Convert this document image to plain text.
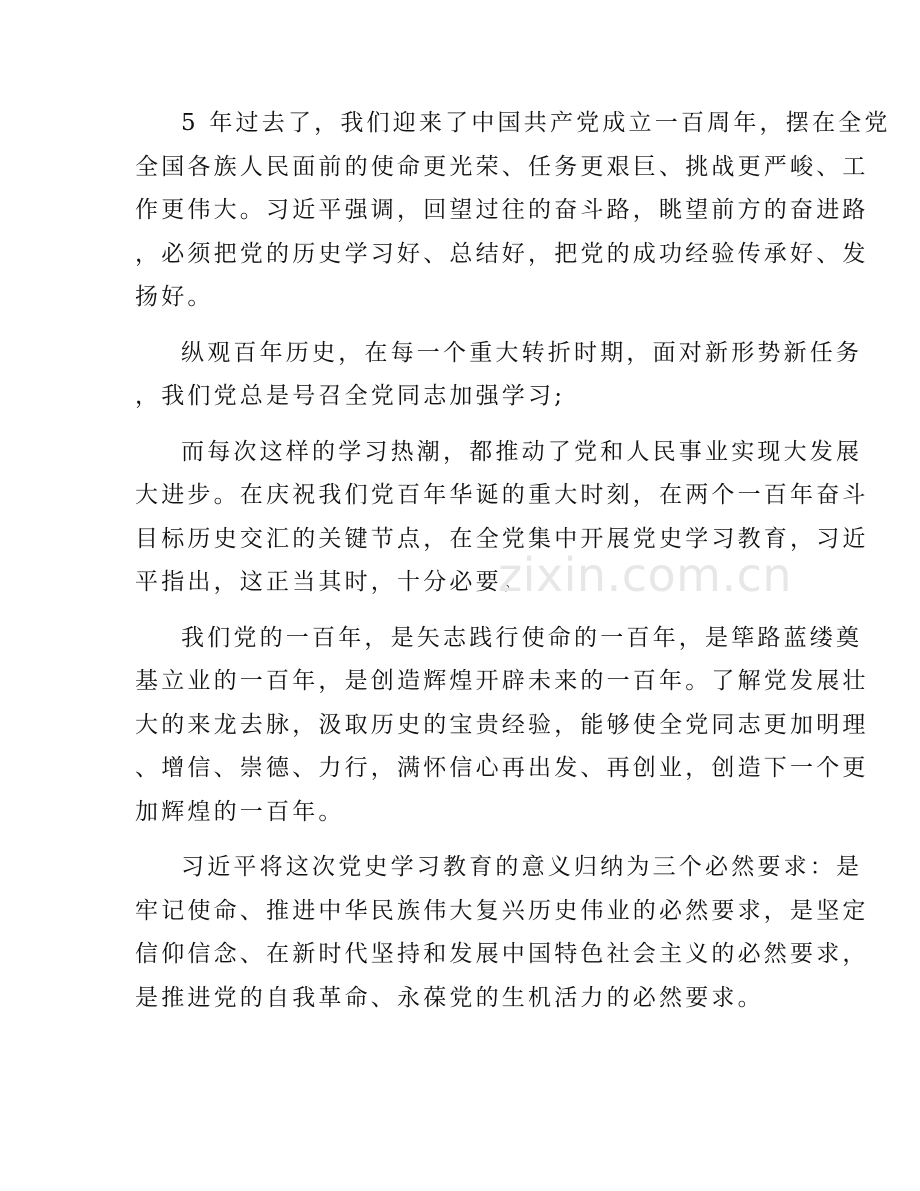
5 年过去了，我们迎来了中国共产党成立一百周年，摆在全党
全国各族人民面前的使命更光荣、任务更艰巨、挑战更严峻、工
作更伟大。习近平强调，回望过往的奋斗路，眺望前方的奋进路
，必须把党的历史学习好、总结好，把党的成功经验传承好、发
扬好。
纵观百年历史，在每一个重大转折时期，面对新形势新任务
，我们党总是号召全党同志加强学习;
而每次这样的学习热潮，都推动了党和人民事业实现大发展
大进步。在庆祝我们党百年华诞的重大时刻，在两个一百年奋斗
目标历史交汇的关键节点，在全党集中开展党史学习教育，习近
平指出，这正当其时，十分必要。
我们党的一百年，是矢志践行使命的一百年，是筚路蓝缕奠
基立业的一百年，是创造辉煌开辟未来的一百年。了解党发展壮
大的来龙去脉，汲取历史的宝贵经验，能够使全党同志更加明理
、增信、崇德、力行，满怀信心再出发、再创业，创造下一个更
加辉煌的一百年。
习近平将这次党史学习教育的意义归纳为三个必然要求：是
牢记使命、推进中华民族伟大复兴历史伟业的必然要求，是坚定
信仰信念、在新时代坚持和发展中国特色社会主义的必然要求，
是推进党的自我革命、永葆党的生机活力的必然要求。
zixin.com.cn
